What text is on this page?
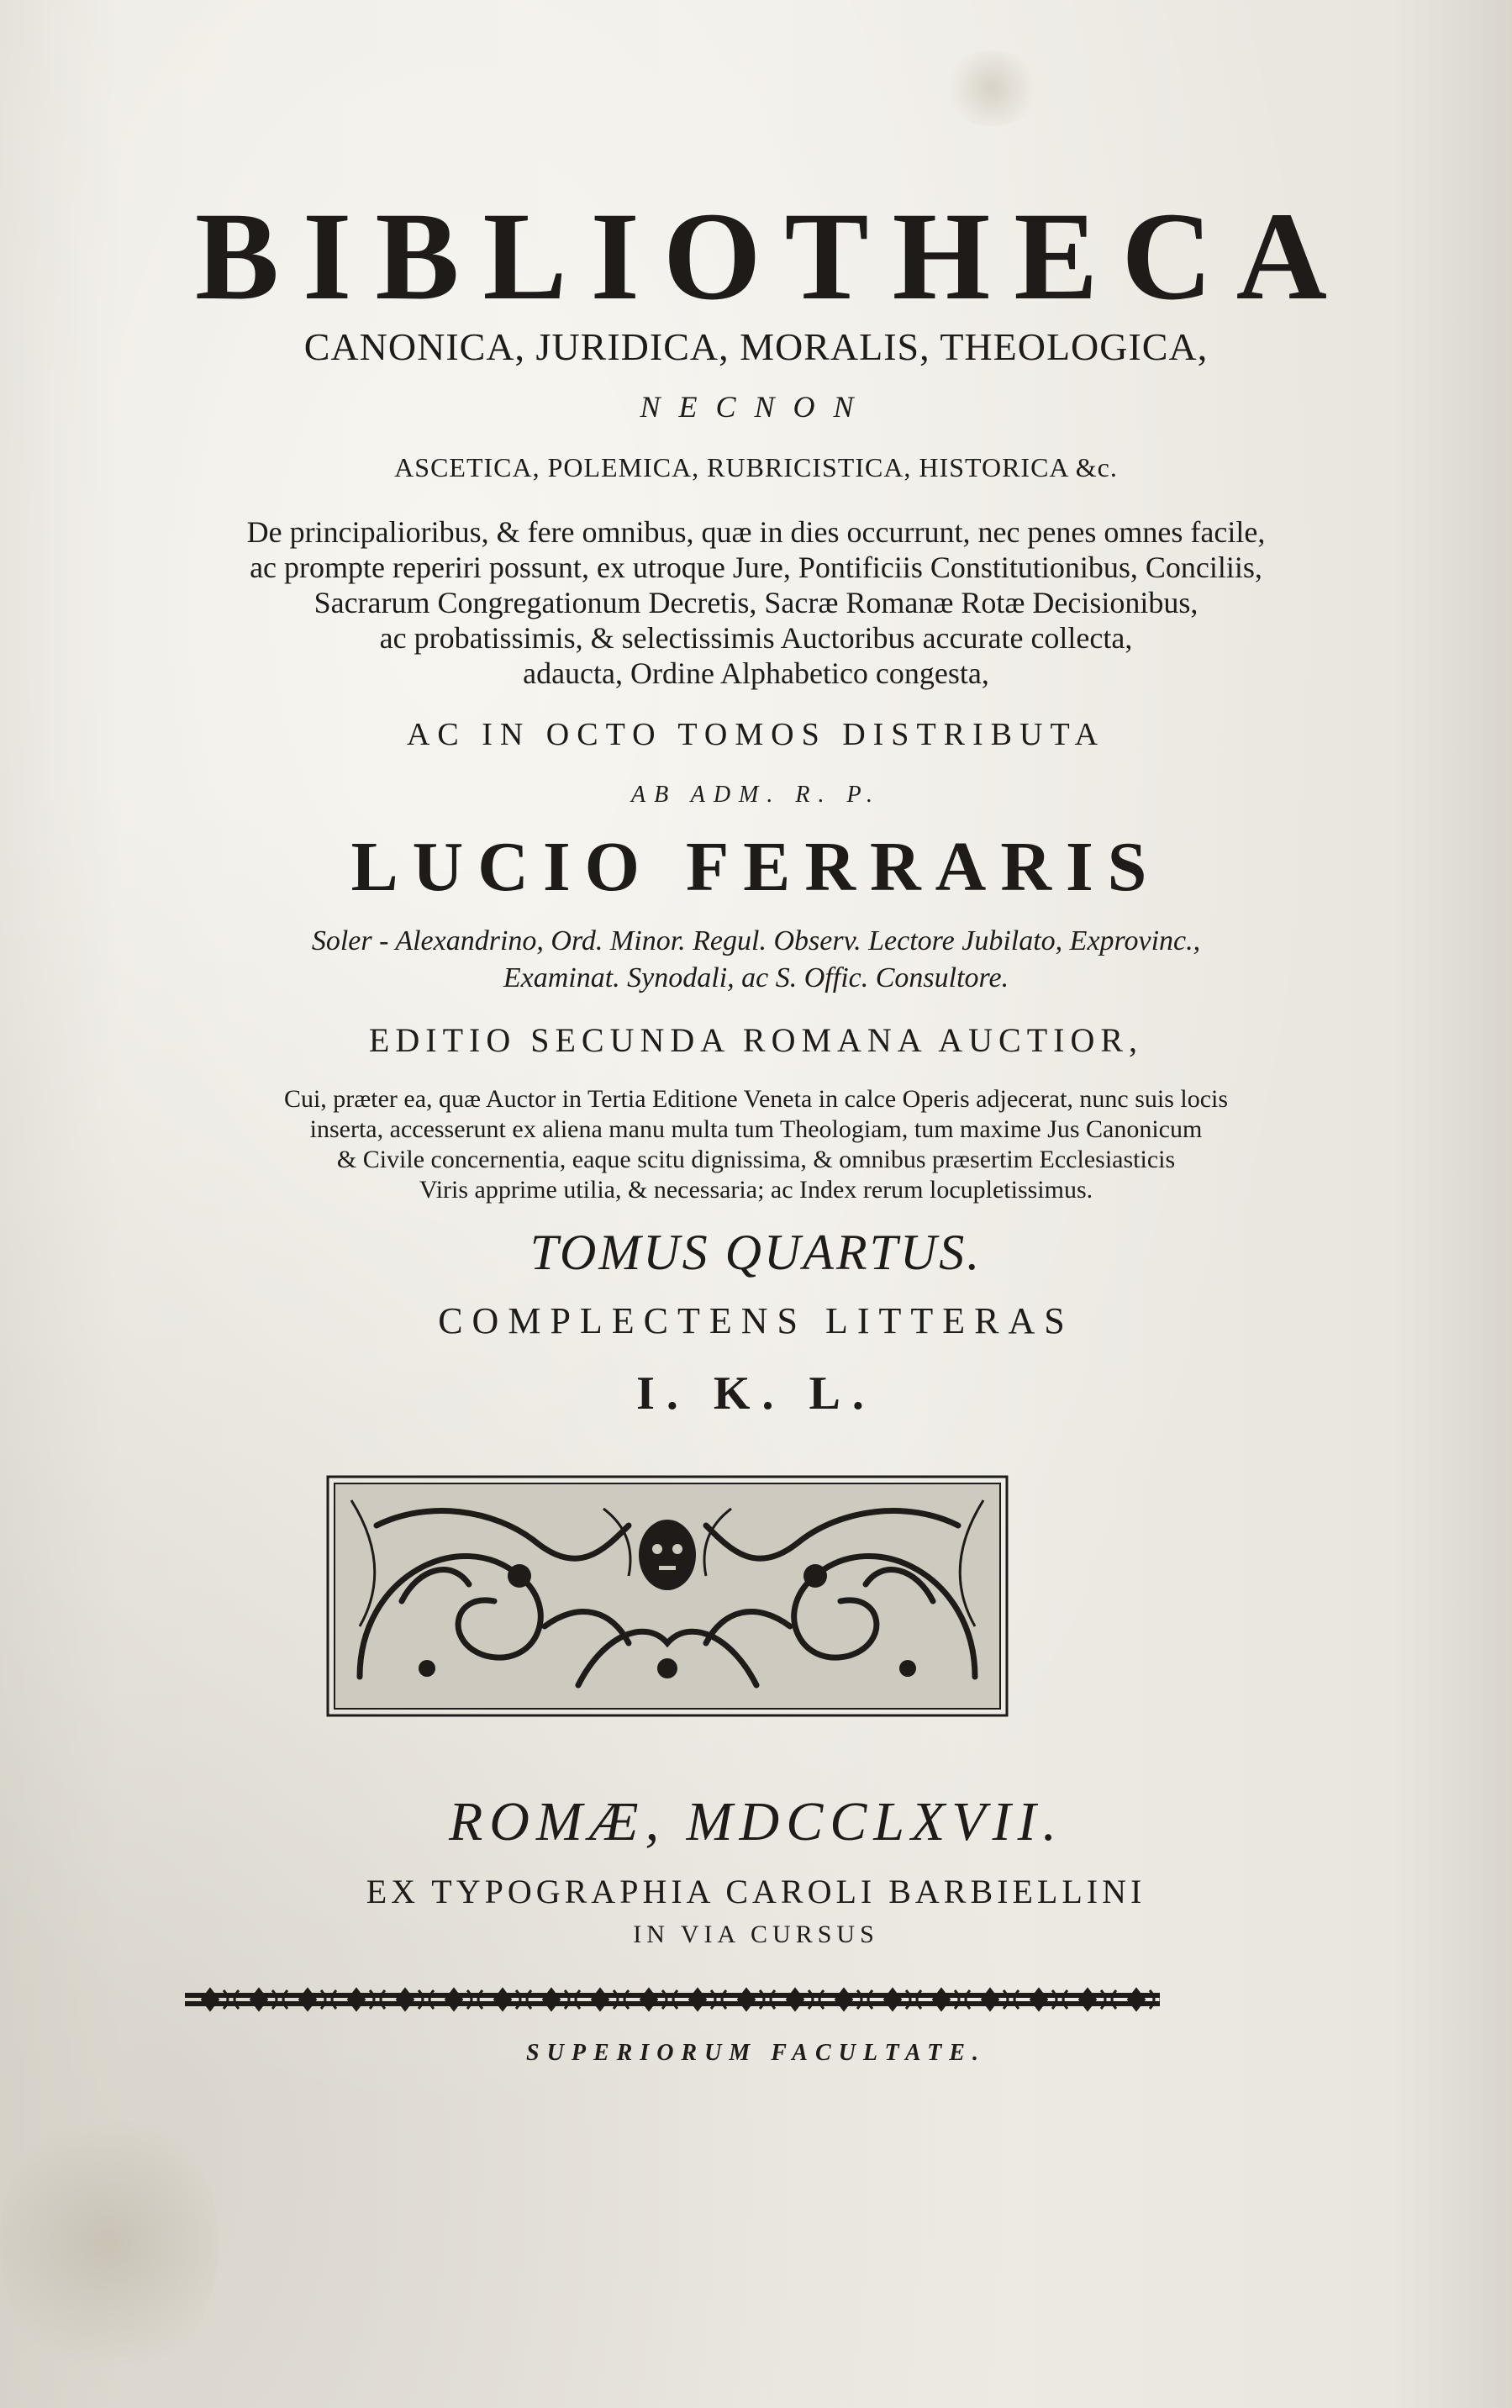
BIBLIOTHECA
CANONICA, JURIDICA, MORALIS, THEOLOGICA,
NECNON
ASCETICA, POLEMICA, RUBRICISTICA, HISTORICA &c.
De principalioribus, & fere omnibus, quæ in dies occurrunt, nec penes omnes facile,
ac prompte reperiri possunt, ex utroque Jure, Pontificiis Constitutionibus, Conciliis,
Sacrarum Congregationum Decretis, Sacræ Romanæ Rotæ Decisionibus,
ac probatissimis, & selectissimis Auctoribus accurate collecta,
adaucta, Ordine Alphabetico congesta,
AC IN OCTO TOMOS DISTRIBUTA
AB ADM. R. P.
LUCIO FERRARIS
Soler - Alexandrino, Ord. Minor. Regul. Observ. Lectore Jubilato, Exprovinc.,
Examinat. Synodali, ac S. Offic. Consultore.
EDITIO SECUNDA ROMANA AUCTIOR,
Cui, præter ea, quæ Auctor in Tertia Editione Veneta in calce Operis adjecerat, nunc suis locis
inserta, accesserunt ex aliena manu multa tum Theologiam, tum maxime Jus Canonicum
& Civile concernentia, eaque scitu dignissima, & omnibus præsertim Ecclesiasticis
Viris apprime utilia, & necessaria; ac Index rerum locupletissimus.
TOMUS QUARTUS.
COMPLECTENS LITTERAS
I. K. L.
ROMÆ, MDCCLXVII.
EX TYPOGRAPHIA CAROLI BARBIELLINI
IN VIA CURSUS
SUPERIORUM FACULTATE.
